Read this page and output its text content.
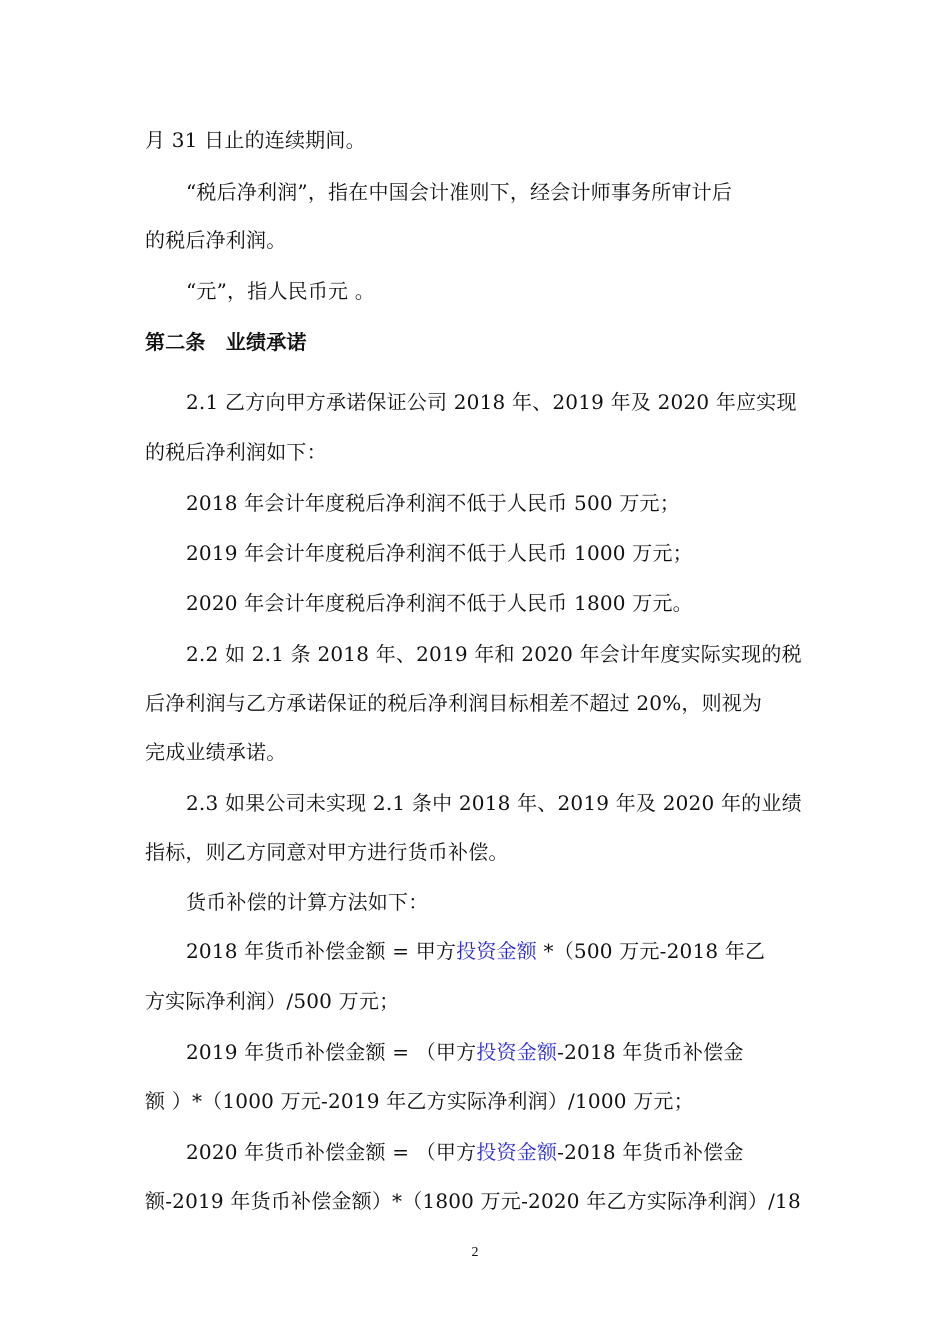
月 31 日止的连续期间。
“税后净利润”，指在中国会计准则下，经会计师事务所审计后
的税后净利润。
“元”，指人民币元 。
第二条　业绩承诺
2.1 乙方向甲方承诺保证公司 2018 年、2019 年及 2020 年应实现
的税后净利润如下：
2018 年会计年度税后净利润不低于人民币 500 万元；
2019 年会计年度税后净利润不低于人民币 1000 万元；
2020 年会计年度税后净利润不低于人民币 1800 万元。
2.2 如 2.1 条 2018 年、2019 年和 2020 年会计年度实际实现的税
后净利润与乙方承诺保证的税后净利润目标相差不超过 20%，则视为
完成业绩承诺。
2.3 如果公司未实现 2.1 条中 2018 年、2019 年及 2020 年的业绩
指标，则乙方同意对甲方进行货币补偿。
货币补偿的计算方法如下：
2018 年货币补偿金额 = 甲方投资金额 *（500 万元-2018 年乙
方实际净利润）/500 万元；
2019 年货币补偿金额 = （甲方投资金额-2018 年货币补偿金
额 ）*（1000 万元-2019 年乙方实际净利润）/1000 万元；
2020 年货币补偿金额 = （甲方投资金额-2018 年货币补偿金
额-2019 年货币补偿金额）*（1800 万元-2020 年乙方实际净利润）/18
2
